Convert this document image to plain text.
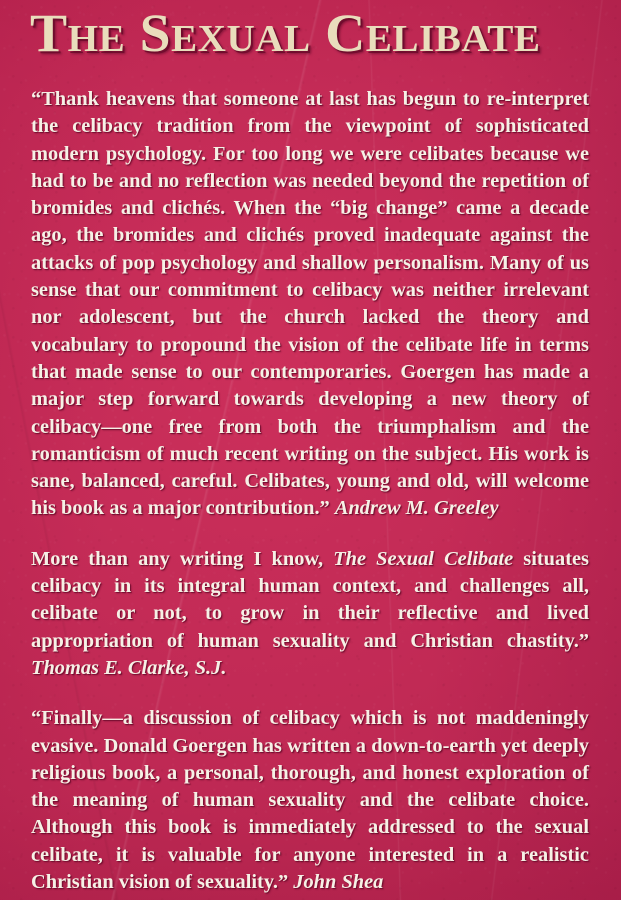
The Sexual Celibate

“Thank heavens that someone at last has begun to re-interpret the celibacy tradition from the viewpoint of sophisticated modern psychology. For too long we were celibates because we had to be and no reflection was needed beyond the repetition of bromides and clichés. When the “big change” came a decade ago, the bromides and clichés proved inadequate against the attacks of pop psychology and shallow personalism. Many of us sense that our commitment to celibacy was neither irrelevant nor adolescent, but the church lacked the theory and vocabulary to propound the vision of the celibate life in terms that made sense to our contemporaries. Goergen has made a major step forward towards developing a new theory of celibacy—one free from both the triumphalism and the romanticism of much recent writing on the subject. His work is sane, balanced, careful. Celibates, young and old, will welcome his book as a major contribution.” Andrew M. Greeley

More than any writing I know, The Sexual Celibate situates celibacy in its integral human context, and challenges all, celibate or not, to grow in their reflective and lived appropriation of human sexuality and Christian chastity.” Thomas E. Clarke, S.J.

“Finally—a discussion of celibacy which is not maddeningly evasive. Donald Goergen has written a down-to-earth yet deeply religious book, a personal, thorough, and honest exploration of the meaning of human sexuality and the celibate choice. Although this book is immediately addressed to the sexual celibate, it is valuable for anyone interested in a realistic Christian vision of sexuality.” John Shea
